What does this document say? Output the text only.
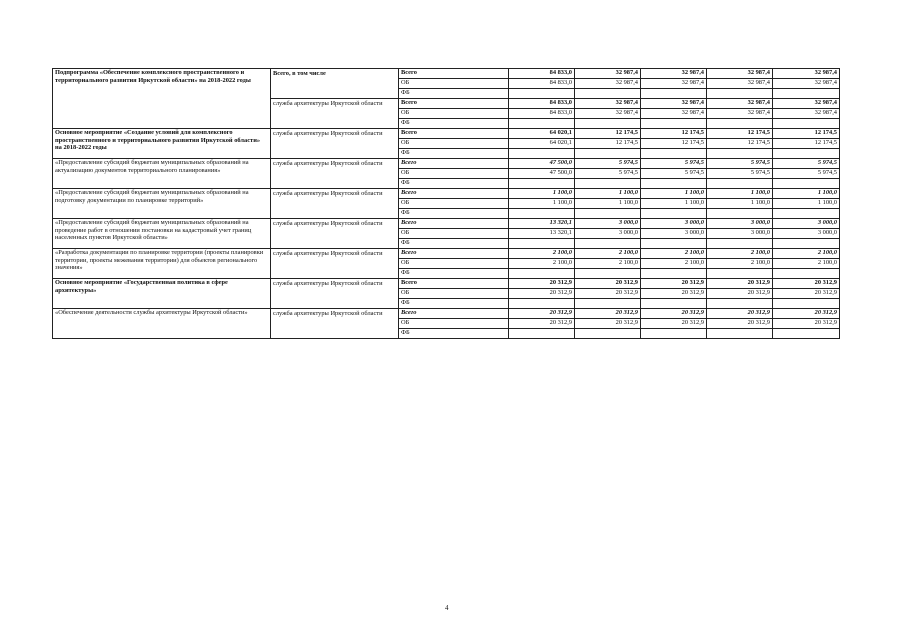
Подпрограмма «Обеспечение комплексного пространственного и территориального развития Иркутской области» на 2018-2022 годы	Всего, в том числе	Всего	84 833,0	32 987,4	32 987,4	32 987,4	32 987,4
		ОБ	84 833,0	32 987,4	32 987,4	32 987,4	32 987,4
		ФБ					
	служба архитектуры Иркутской области	Всего	84 833,0	32 987,4	32 987,4	32 987,4	32 987,4
		ОБ	84 833,0	32 987,4	32 987,4	32 987,4	32 987,4
		ФБ					
Основное мероприятие «Создание условий для комплексного пространственного и территориального развития Иркутской области» на 2018-2022 годы	служба архитектуры Иркутской области	Всего	64 020,1	12 174,5	12 174,5	12 174,5	12 174,5
		ОБ	64 020,1	12 174,5	12 174,5	12 174,5	12 174,5
		ФБ					
«Предоставление субсидий бюджетам муниципальных образований на актуализацию документов территориального планирования»	служба архитектуры Иркутской области	Всего	47 500,0	5 974,5	5 974,5	5 974,5	5 974,5
		ОБ	47 500,0	5 974,5	5 974,5	5 974,5	5 974,5
		ФБ					
«Предоставление субсидий бюджетам муниципальных образований на подготовку документации по планировке территорий»	служба архитектуры Иркутской области	Всего	1 100,0	1 100,0	1 100,0	1 100,0	1 100,0
		ОБ	1 100,0	1 100,0	1 100,0	1 100,0	1 100,0
		ФБ					
«Предоставление субсидий бюджетам муниципальных образований на проведение работ в отношении постановки на кадастровый учет границ населенных пунктов Иркутской области»	служба архитектуры Иркутской области	Всего	13 320,1	3 000,0	3 000,0	3 000,0	3 000,0
		ОБ	13 320,1	3 000,0	3 000,0	3 000,0	3 000,0
		ФБ					
«Разработка документации по планировке территории (проекты планировки территории, проекты межевания территории) для объектов регионального значения»	служба архитектуры Иркутской области	Всего	2 100,0	2 100,0	2 100,0	2 100,0	2 100,0
		ОБ	2 100,0	2 100,0	2 100,0	2 100,0	2 100,0
		ФБ					
Основное мероприятие «Государственная политика в сфере архитектуры»	служба архитектуры Иркутской области	Всего	20 312,9	20 312,9	20 312,9	20 312,9	20 312,9
		ОБ	20 312,9	20 312,9	20 312,9	20 312,9	20 312,9
		ФБ					
«Обеспечение деятельности службы архитектуры Иркутской области»	служба архитектуры Иркутской области	Всего	20 312,9	20 312,9	20 312,9	20 312,9	20 312,9
		ОБ	20 312,9	20 312,9	20 312,9	20 312,9	20 312,9
		ФБ					
4
